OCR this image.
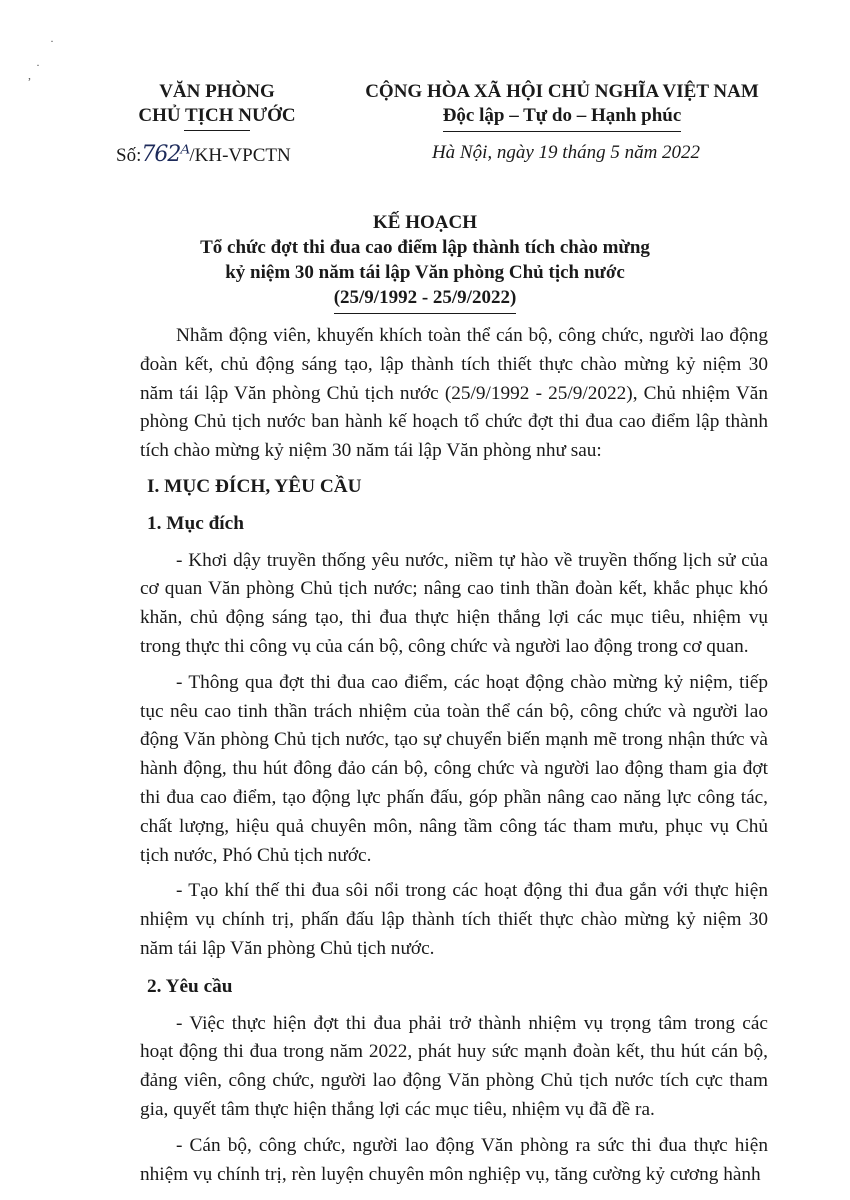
·
·
,
VĂN PHÒNG
CHỦ TỊCH NƯỚC
CỘNG HÒA XÃ HỘI CHỦ NGHĨA VIỆT NAM
Độc lập – Tự do – Hạnh phúc
Số:762ᴬ/KH-VPCTN	Hà Nội, ngày 19 tháng 5 năm 2022
KẾ HOẠCH
Tổ chức đợt thi đua cao điểm lập thành tích chào mừng
kỷ niệm 30 năm tái lập Văn phòng Chủ tịch nước
(25/9/1992 - 25/9/2022)

Nhằm động viên, khuyến khích toàn thể cán bộ, công chức, người lao động đoàn kết, chủ động sáng tạo, lập thành tích thiết thực chào mừng kỷ niệm 30 năm tái lập Văn phòng Chủ tịch nước (25/9/1992 - 25/9/2022), Chủ nhiệm Văn phòng Chủ tịch nước ban hành kế hoạch tổ chức đợt thi đua cao điểm lập thành tích chào mừng kỷ niệm 30 năm tái lập Văn phòng như sau:

I. MỤC ĐÍCH, YÊU CẦU

1. Mục đích

- Khơi dậy truyền thống yêu nước, niềm tự hào về truyền thống lịch sử của cơ quan Văn phòng Chủ tịch nước; nâng cao tinh thần đoàn kết, khắc phục khó khăn, chủ động sáng tạo, thi đua thực hiện thắng lợi các mục tiêu, nhiệm vụ trong thực thi công vụ của cán bộ, công chức và người lao động trong cơ quan.

- Thông qua đợt thi đua cao điểm, các hoạt động chào mừng kỷ niệm, tiếp tục nêu cao tinh thần trách nhiệm của toàn thể cán bộ, công chức và người lao động Văn phòng Chủ tịch nước, tạo sự chuyển biến mạnh mẽ trong nhận thức và hành động, thu hút đông đảo cán bộ, công chức và người lao động tham gia đợt thi đua cao điểm, tạo động lực phấn đấu, góp phần nâng cao năng lực công tác, chất lượng, hiệu quả chuyên môn, nâng tầm công tác tham mưu, phục vụ Chủ tịch nước, Phó Chủ tịch nước.

- Tạo khí thế thi đua sôi nổi trong các hoạt động thi đua gắn với thực hiện nhiệm vụ chính trị, phấn đấu lập thành tích thiết thực chào mừng kỷ niệm 30 năm tái lập Văn phòng Chủ tịch nước.

2. Yêu cầu

- Việc thực hiện đợt thi đua phải trở thành nhiệm vụ trọng tâm trong các hoạt động thi đua trong năm 2022, phát huy sức mạnh đoàn kết, thu hút cán bộ, đảng viên, công chức, người lao động Văn phòng Chủ tịch nước tích cực tham gia, quyết tâm thực hiện thắng lợi các mục tiêu, nhiệm vụ đã đề ra.

- Cán bộ, công chức, người lao động Văn phòng ra sức thi đua thực hiện nhiệm vụ chính trị, rèn luyện chuyên môn nghiệp vụ, tăng cường kỷ cương hành
